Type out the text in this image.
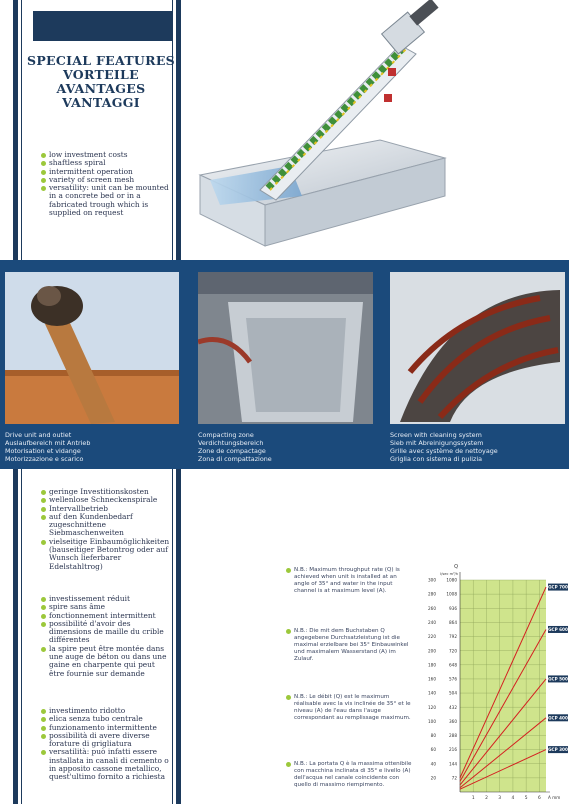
SPECIAL FEATURES
VORTEILE
AVANTAGES
VANTAGGI
low investment costs
shaftless spiral
intermittent operation
variety of screen mesh
versatility: unit can be mounted in a concrete bed or in a fabricated trough which is supplied on request
Drive unit and outlet
Auslaufbereich mit Antrieb
Motorisation et vidange
Motorizzazione e scarico
Compacting zone
Verdichtungsbereich
Zone de compactage
Zona di compattazione
Screen with cleaning system
Sieb mit Abreinigungssystem
Grille avec système de nettoyage
Griglia con sistema di pulizia
geringe Investitionskosten
wellenlose Schneckenspirale
Intervallbetrieb
auf den Kundenbedarf zugeschnittene Siebmaschenweiten
vielseitige Einbaumöglichkeiten (bauseitiger Betontrog oder auf Wunsch lieferbarer Edelstahltrog)
investissement réduit
spire sans âme
fonctionnement intermittent
possibilité d'avoir des dimensions de maille du crible différentes
la spire peut être montée dans une auge de béton ou dans une gaine en charpente qui peut être fournie sur demande
investimento ridotto
elica senza tubo centrale
funzionamento intermittente
possibilità di avere diverse forature di grigliatura
versatilità: può infatti essere installata in canali di cemento o in apposito cassone metallico, quest'ultimo fornito a richiesta
N.B.: Maximum throughput rate (Q) is achieved when unit is installed at an angle of 35° and water in the input channel is at maximum level (A).
N.B.: Die mit dem Buchstaben Q angegebene Durchsatzleistung ist die maximal erzielbare bei 35° Einbauwinkel und maximalem Wasserstand (A) im Zulauf.
N.B.: Le débit (Q) est le maximum réalisable avec la vis inclinée de 35° et le niveau (A) de l'eau dans l'auge correspondant au remplissage maximum.
N.B.: La portata Q è la massima ottenibile con macchina inclinata di 35° e livello (A) dell'acqua nel canale coincidente con quello di massimo riempimento.
20	72
40	144
60	216
80	288
100	360
120	432
140	504
160	576
180	648
200	720
220	792
240	864
260	936
280 1008
300 1080
1 2 3 4 5 6
Q
l/sec m³/h
A mm
GCP 700
GCP 600
GCP 500
GCP 400
GCP 300
